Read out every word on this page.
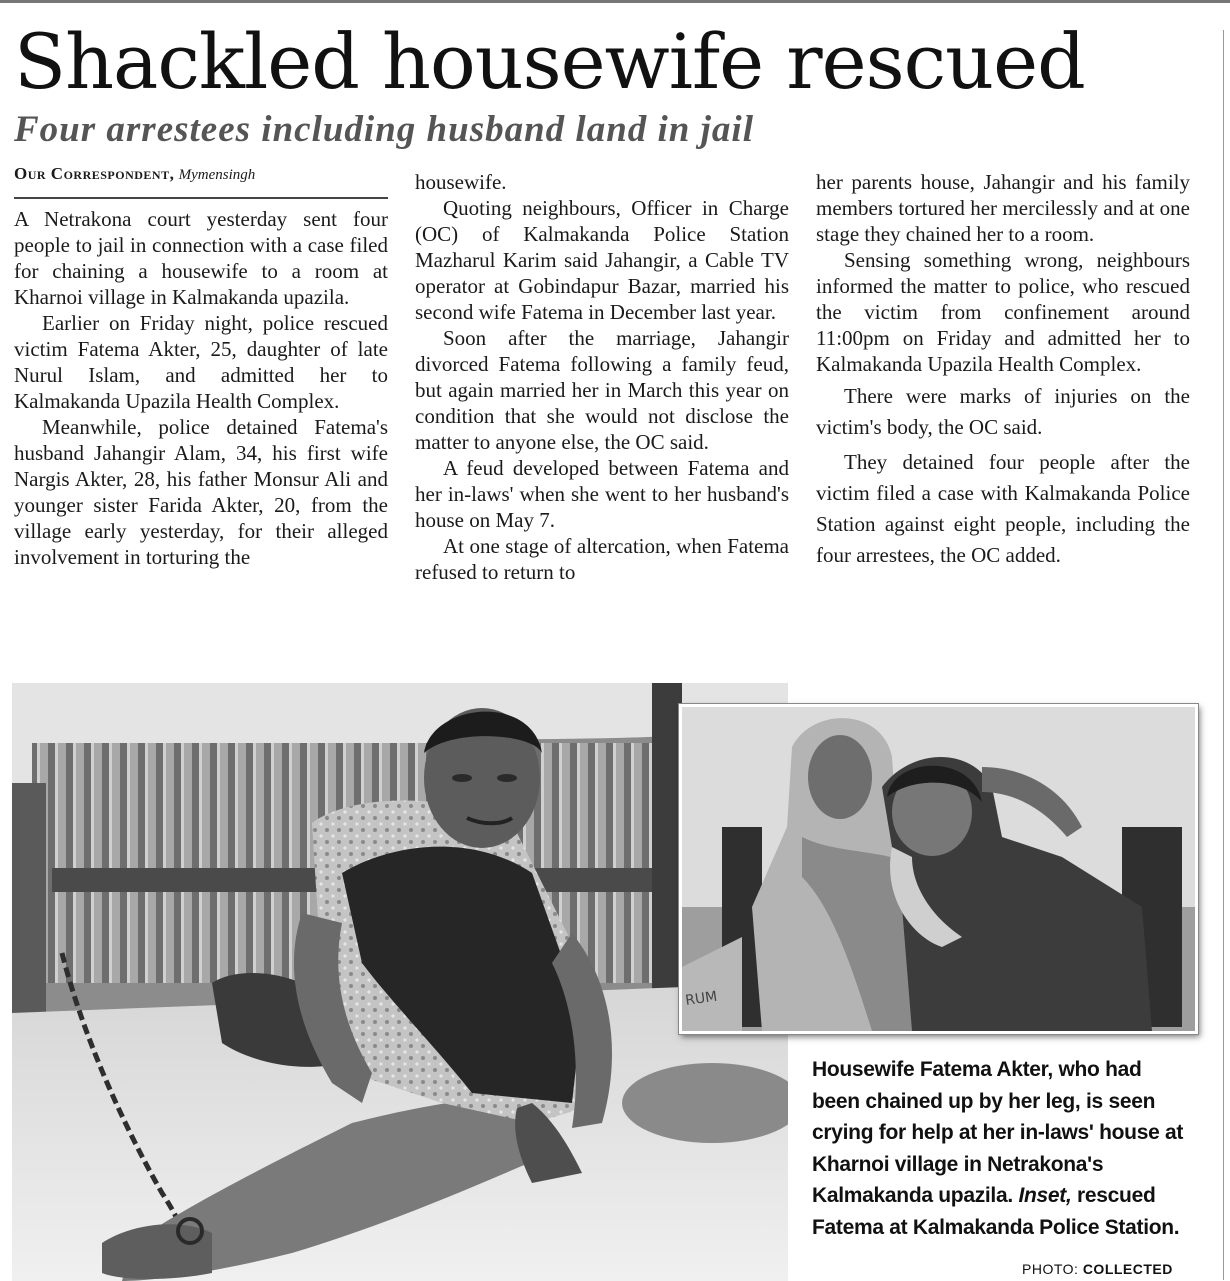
Shackled housewife rescued
Four arrestees including husband land in jail
Our Correspondent, Mymensingh

A Netrakona court yesterday sent four people to jail in connection with a case filed for chaining a housewife to a room at Kharnoi village in Kalmakanda upazila.

Earlier on Friday night, police rescued victim Fatema Akter, 25, daughter of late Nurul Islam, and admitted her to Kalmakanda Upazila Health Complex.

Meanwhile, police detained Fatema's husband Jahangir Alam, 34, his first wife Nargis Akter, 28, his father Monsur Ali and younger sister Farida Akter, 20, from the village early yesterday, for their alleged involvement in torturing the

housewife.

Quoting neighbours, Officer in Charge (OC) of Kalmakanda Police Station Mazharul Karim said Jahangir, a Cable TV operator at Gobindapur Bazar, married his second wife Fatema in December last year.

Soon after the marriage, Jahangir divorced Fatema following a family feud, but again married her in March this year on condition that she would not disclose the matter to anyone else, the OC said.

A feud developed between Fatema and her in-laws' when she went to her husband's house on May 7.

At one stage of altercation, when Fatema refused to return to

her parents house, Jahangir and his family members tortured her mercilessly and at one stage they chained her to a room.

Sensing something wrong, neighbours informed the matter to police, who rescued the victim from confinement around 11:00pm on Friday and admitted her to Kalmakanda Upazila Health Complex.

There were marks of injuries on the victim's body, the OC said.

They detained four people after the victim filed a case with Kalmakanda Police Station against eight people, including the four arrestees, the OC added.

RUM
Housewife Fatema Akter, who had been chained up by her leg, is seen crying for help at her in-laws' house at Kharnoi village in Netrakona's Kalmakanda upazila. Inset, rescued Fatema at Kalmakanda Police Station.
PHOTO: COLLECTED
